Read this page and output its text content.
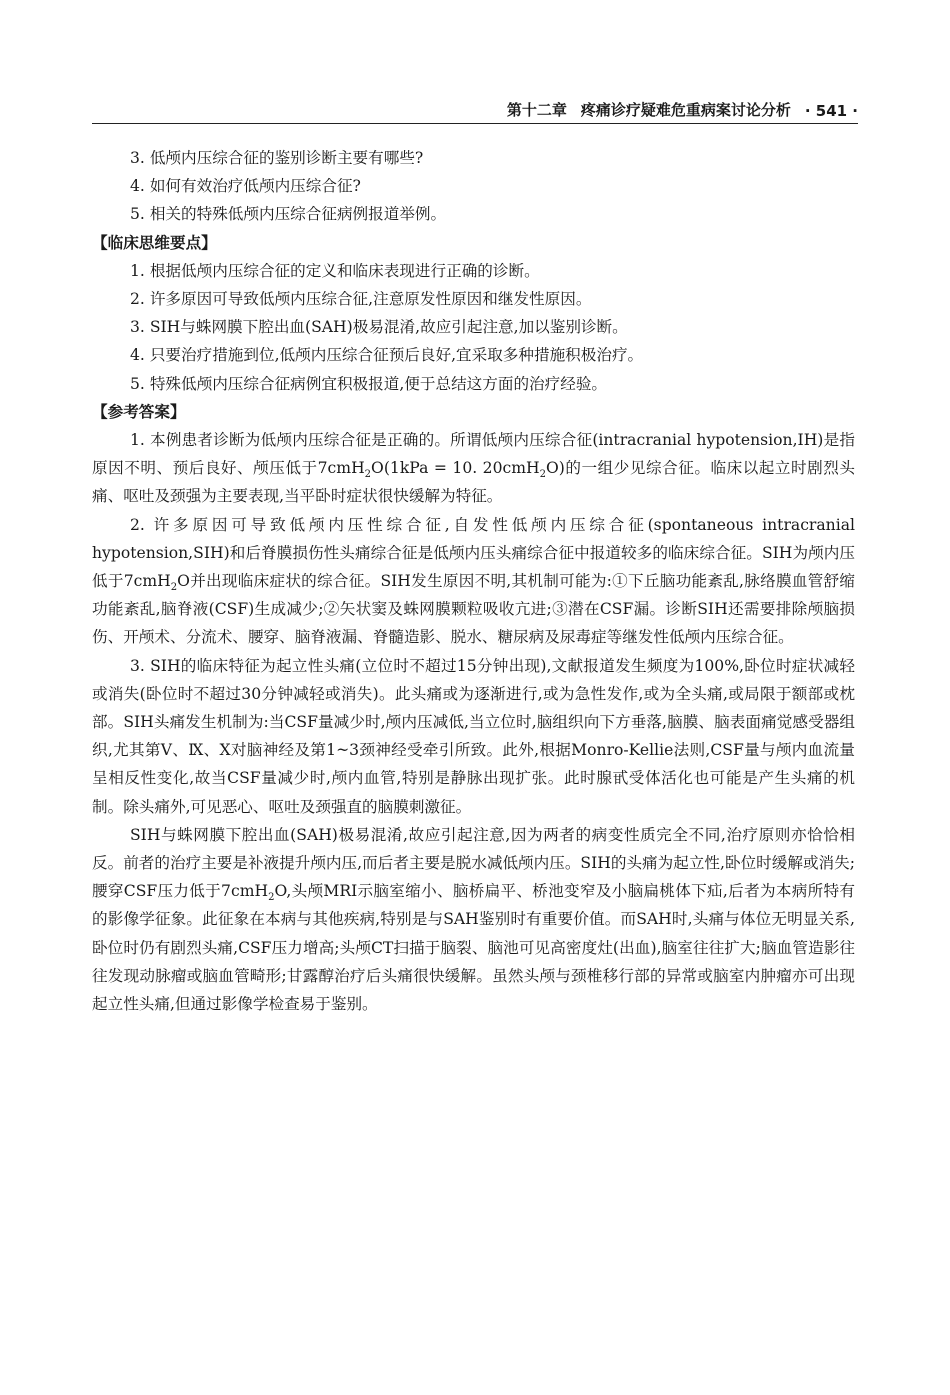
第十二章 疼痛诊疗疑难危重病案讨论分析 · 541 ·

3. 低颅内压综合征的鉴别诊断主要有哪些?

4. 如何有效治疗低颅内压综合征?

5. 相关的特殊低颅内压综合征病例报道举例。

【临床思维要点】

1. 根据低颅内压综合征的定义和临床表现进行正确的诊断。

2. 许多原因可导致低颅内压综合征,注意原发性原因和继发性原因。

3. SIH与蛛网膜下腔出血(SAH)极易混淆,故应引起注意,加以鉴别诊断。

4. 只要治疗措施到位,低颅内压综合征预后良好,宜采取多种措施积极治疗。

5. 特殊低颅内压综合征病例宜积极报道,便于总结这方面的治疗经验。

【参考答案】

1. 本例患者诊断为低颅内压综合征是正确的。所谓低颅内压综合征(intracranial hypotension,IH)是指原因不明、预后良好、颅压低于7cmH$_2$O(1kPa = 10. 20cmH$_2$O)的一组少见综合征。临床以起立时剧烈头痛、呕吐及颈强为主要表现,当平卧时症状很快缓解为特征。

2. 许多原因可导致低颅内压性综合征,自发性低颅内压综合征(spontaneous intracranial hypotension,SIH)和后脊膜损伤性头痛综合征是低颅内压头痛综合征中报道较多的临床综合征。SIH为颅内压低于7cmH$_2$O并出现临床症状的综合征。SIH发生原因不明,其机制可能为:①下丘脑功能紊乱,脉络膜血管舒缩功能紊乱,脑脊液(CSF)生成减少;②矢状窦及蛛网膜颗粒吸收亢进;③潜在CSF漏。诊断SIH还需要排除颅脑损伤、开颅术、分流术、腰穿、脑脊液漏、脊髓造影、脱水、糖尿病及尿毒症等继发性低颅内压综合征。

3. SIH的临床特征为起立性头痛(立位时不超过15分钟出现),文献报道发生频度为100%,卧位时症状减轻或消失(卧位时不超过30分钟减轻或消失)。此头痛或为逐渐进行,或为急性发作,或为全头痛,或局限于额部或枕部。SIH头痛发生机制为:当CSF量减少时,颅内压减低,当立位时,脑组织向下方垂落,脑膜、脑表面痛觉感受器组织,尤其第Ⅴ、Ⅸ、Ⅹ对脑神经及第1~3颈神经受牵引所致。此外,根据Monro-Kellie法则,CSF量与颅内血流量呈相反性变化,故当CSF量减少时,颅内血管,特别是静脉出现扩张。此时腺甙受体活化也可能是产生头痛的机制。除头痛外,可见恶心、呕吐及颈强直的脑膜刺激征。

SIH与蛛网膜下腔出血(SAH)极易混淆,故应引起注意,因为两者的病变性质完全不同,治疗原则亦恰恰相反。前者的治疗主要是补液提升颅内压,而后者主要是脱水减低颅内压。SIH的头痛为起立性,卧位时缓解或消失;腰穿CSF压力低于7cmH$_2$O,头颅MRI示脑室缩小、脑桥扁平、桥池变窄及小脑扁桃体下疝,后者为本病所特有的影像学征象。此征象在本病与其他疾病,特别是与SAH鉴别时有重要价值。而SAH时,头痛与体位无明显关系,卧位时仍有剧烈头痛,CSF压力增高;头颅CT扫描于脑裂、脑池可见高密度灶(出血),脑室往往扩大;脑血管造影往往发现动脉瘤或脑血管畸形;甘露醇治疗后头痛很快缓解。虽然头颅与颈椎移行部的异常或脑室内肿瘤亦可出现起立性头痛,但通过影像学检查易于鉴别。
